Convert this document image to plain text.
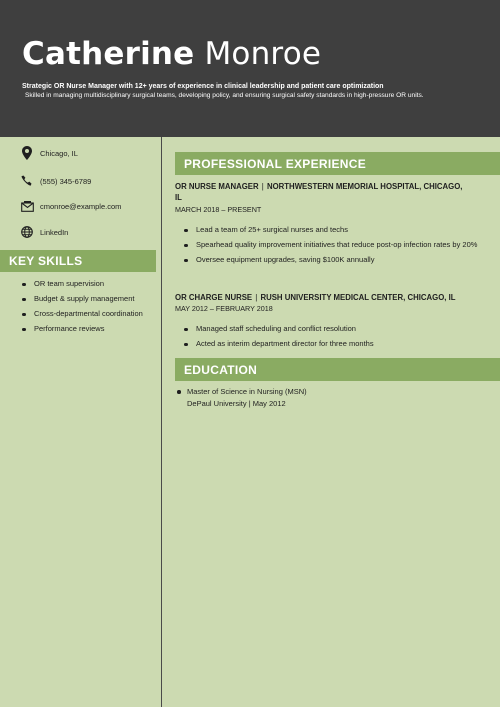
Catherine Monroe
Strategic OR Nurse Manager with 12+ years of experience in clinical leadership and patient care optimization
Skilled in managing multidisciplinary surgical teams, developing policy, and ensuring surgical safety standards in high-pressure OR units.
Chicago, IL
(555) 345-6789
cmonroe@example.com
LinkedIn
KEY SKILLS
OR team supervision
Budget & supply management
Cross-departmental coordination
Performance reviews
PROFESSIONAL EXPERIENCE
OR NURSE MANAGER | NORTHWESTERN MEMORIAL HOSPITAL, CHICAGO, IL
MARCH 2018 – PRESENT
Lead a team of 25+ surgical nurses and techs
Spearhead quality improvement initiatives that reduce post-op infection rates by 20%
Oversee equipment upgrades, saving $100K annually
OR CHARGE NURSE | RUSH UNIVERSITY MEDICAL CENTER, CHICAGO, IL
MAY 2012 – FEBRUARY 2018
Managed staff scheduling and conflict resolution
Acted as interim department director for three months
EDUCATION
Master of Science in Nursing (MSN)
DePaul University | May 2012
